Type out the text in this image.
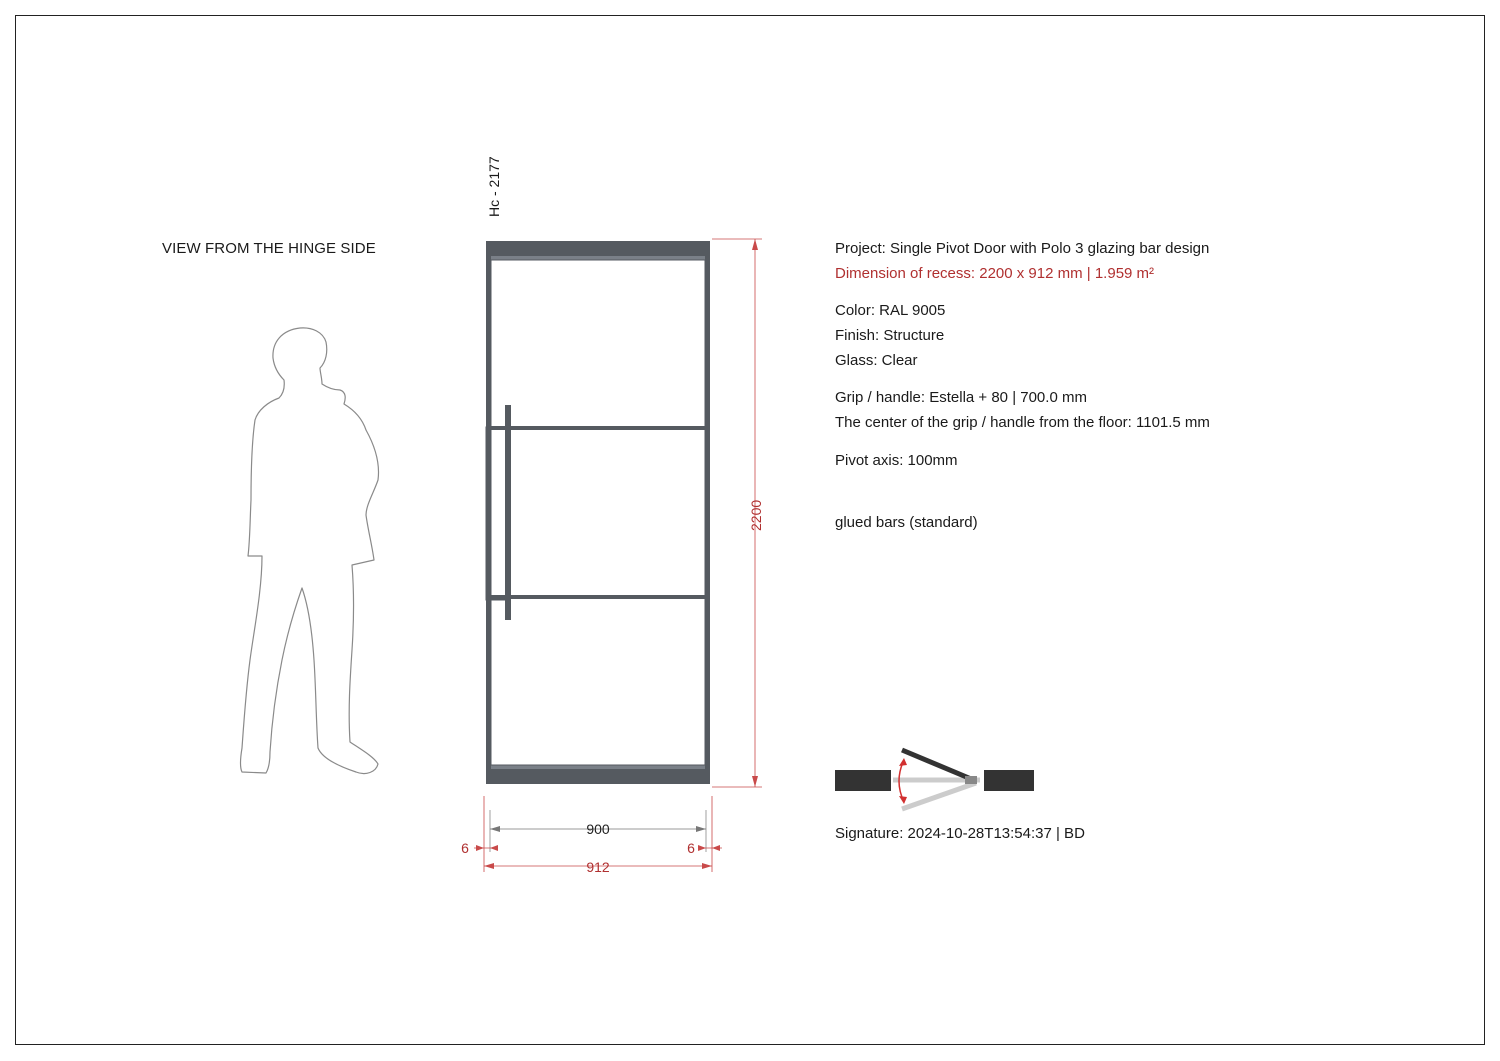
VIEW FROM THE HINGE SIDE
Hc - 2177
2200
900
6	6
912
Project: Single Pivot Door with Polo 3 glazing bar design
Dimension of recess: 2200 x 912 mm | 1.959 m²
Color: RAL 9005
Finish: Structure
Glass: Clear
Grip / handle: Estella + 80 | 700.0 mm
The center of the grip / handle from the floor: 1101.5 mm
Pivot axis: 100mm
glued bars (standard)
Signature: 2024-10-28T13:54:37 | BD
